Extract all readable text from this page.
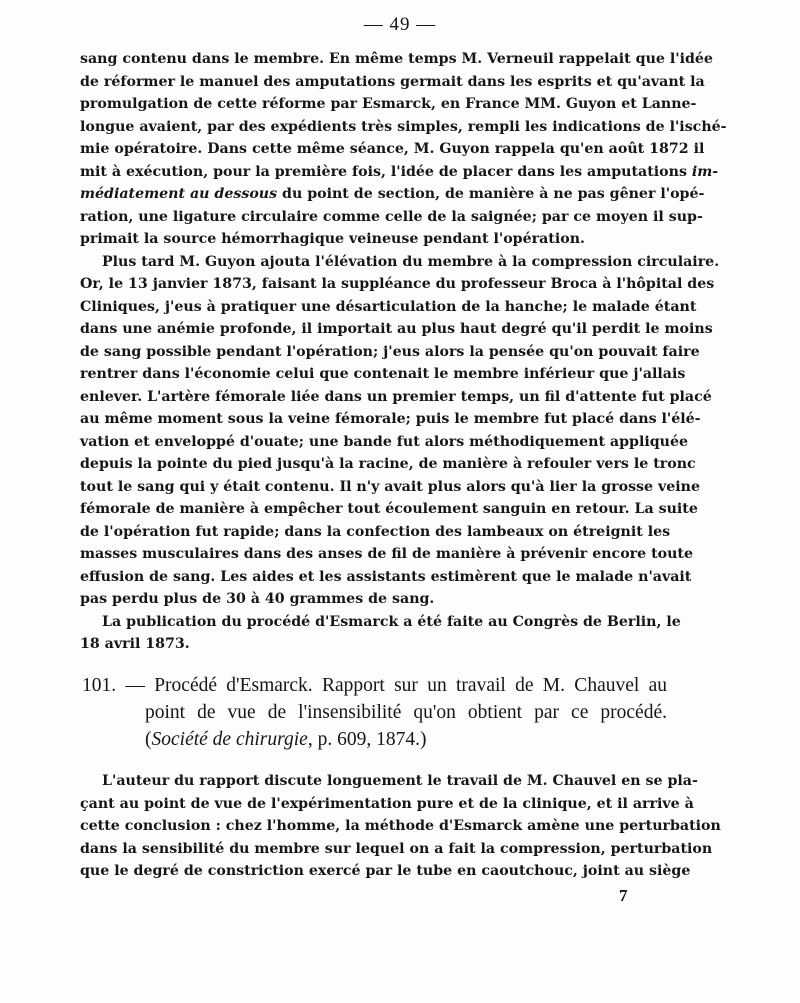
— 49 —
sang contenu dans le membre. En même temps M. Verneuil rappelait que l'idée
de réformer le manuel des amputations germait dans les esprits et qu'avant la
promulgation de cette réforme par Esmarck, en France MM. Guyon et Lanne-
longue avaient, par des expédients très simples, rempli les indications de l'isché-
mie opératoire. Dans cette même séance, M. Guyon rappela qu'en août 1872 il
mit à exécution, pour la première fois, l'idée de placer dans les amputations im-
médiatement au dessous du point de section, de manière à ne pas gêner l'opé-
ration, une ligature circulaire comme celle de la saignée; par ce moyen il sup-
primait la source hémorrhagique veineuse pendant l'opération.
Plus tard M. Guyon ajouta l'élévation du membre à la compression circulaire.
Or, le 13 janvier 1873, faisant la suppléance du professeur Broca à l'hôpital des
Cliniques, j'eus à pratiquer une désarticulation de la hanche; le malade étant
dans une anémie profonde, il importait au plus haut degré qu'il perdit le moins
de sang possible pendant l'opération; j'eus alors la pensée qu'on pouvait faire
rentrer dans l'économie celui que contenait le membre inférieur que j'allais
enlever. L'artère fémorale liée dans un premier temps, un fil d'attente fut placé
au même moment sous la veine fémorale; puis le membre fut placé dans l'élé-
vation et enveloppé d'ouate; une bande fut alors méthodiquement appliquée
depuis la pointe du pied jusqu'à la racine, de manière à refouler vers le tronc
tout le sang qui y était contenu. Il n'y avait plus alors qu'à lier la grosse veine
fémorale de manière à empêcher tout écoulement sanguin en retour. La suite
de l'opération fut rapide; dans la confection des lambeaux on étreignit les
masses musculaires dans des anses de fil de manière à prévenir encore toute
effusion de sang. Les aides et les assistants estimèrent que le malade n'avait
pas perdu plus de 30 à 40 grammes de sang.
La publication du procédé d'Esmarck a été faite au Congrès de Berlin, le
18 avril 1873.
101. — Procédé d'Esmarck. Rapport sur un travail de M. Chauvel au
point de vue de l'insensibilité qu'on obtient par ce procédé.
(Société de chirurgie, p. 609, 1874.)
L'auteur du rapport discute longuement le travail de M. Chauvel en se pla-
çant au point de vue de l'expérimentation pure et de la clinique, et il arrive à
cette conclusion : chez l'homme, la méthode d'Esmarck amène une perturbation
dans la sensibilité du membre sur lequel on a fait la compression, perturbation
que le degré de constriction exercé par le tube en caoutchouc, joint au siège
7
